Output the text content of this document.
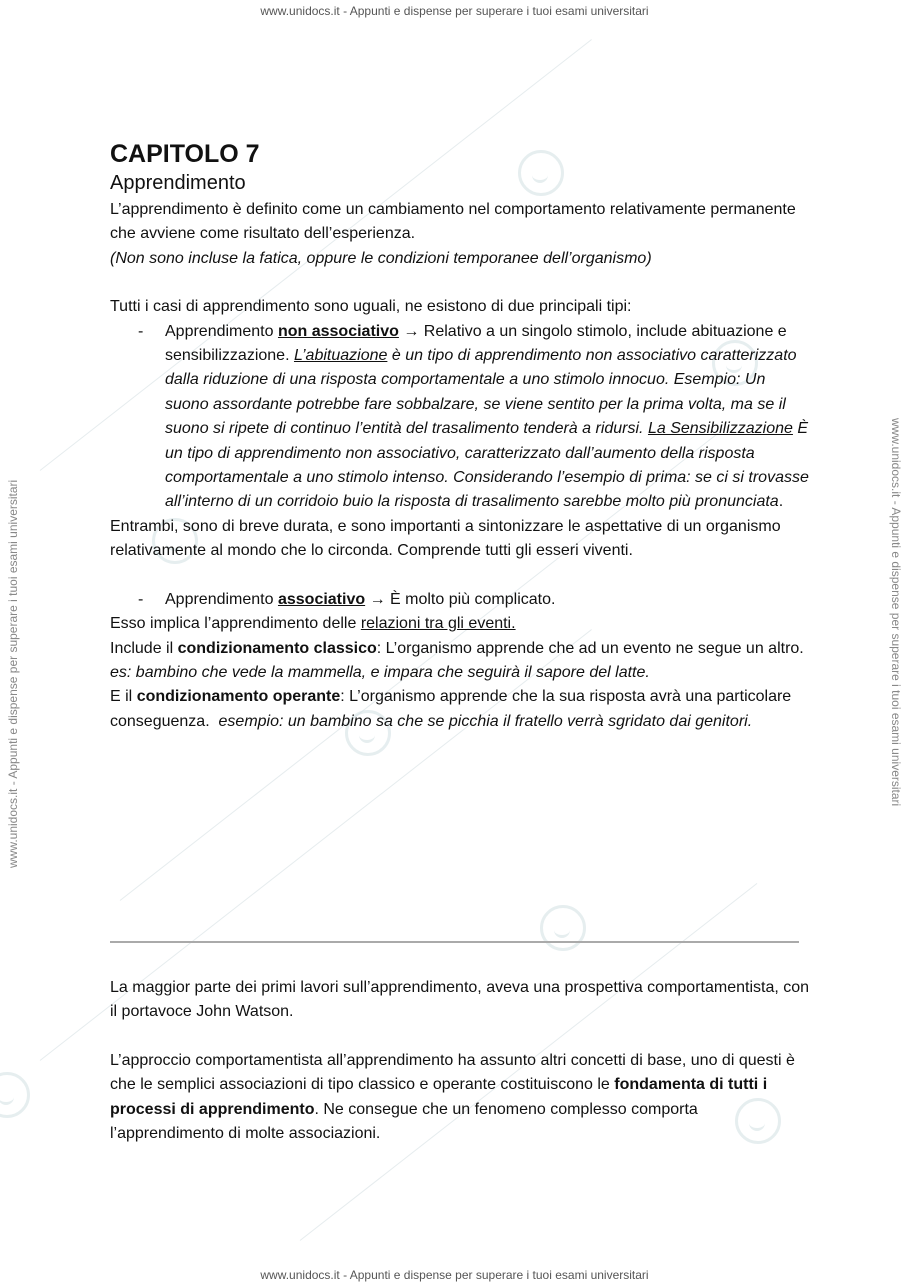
www.unidocs.it - Appunti e dispense per superare i tuoi esami universitari
www.unidocs.it - Appunti e dispense per superare i tuoi esami universitari
www.unidocs.it - Appunti e dispense per superare i tuoi esami universitari	www.unidocs.it - Appunti e dispense per superare i tuoi esami universitari
CAPITOLO 7
Apprendimento

L’apprendimento è definito come un cambiamento nel comportamento relativamente permanente che avviene come risultato dell’esperienza.
(Non sono incluse la fatica, oppure le condizioni temporanee dell’organismo)

Tutti i casi di apprendimento sono uguali, ne esistono di due principali tipi:

- Apprendimento non associativo → Relativo a un singolo stimolo, include abituazione e sensibilizzazione. L’abituazione è un tipo di apprendimento non associativo caratterizzato dalla riduzione di una risposta comportamentale a uno stimolo innocuo. Esempio: Un suono assordante potrebbe fare sobbalzare, se viene sentito per la prima volta, ma se il suono si ripete di continuo l’entità del trasalimento tenderà a ridursi. La Sensibilizzazione È un tipo di apprendimento non associativo, caratterizzato dall’aumento della risposta comportamentale a uno stimolo intenso. Considerando l’esempio di prima: se ci si trovasse all’interno di un corridoio buio la risposta di trasalimento sarebbe molto più pronunciata.

Entrambi, sono di breve durata, e sono importanti a sintonizzare le aspettative di un organismo relativamente al mondo che lo circonda. Comprende tutti gli esseri viventi.

- Apprendimento associativo → È molto più complicato.

Esso implica l’apprendimento delle relazioni tra gli eventi.

Include il condizionamento classico: L’organismo apprende che ad un evento ne segue un altro.  es: bambino che vede la mammella, e impara che seguirà il sapore del latte.

E il condizionamento operante: L’organismo apprende che la sua risposta avrà una particolare conseguenza. esempio: un bambino sa che se picchia il fratello verrà sgridato dai genitori.

La maggior parte dei primi lavori sull’apprendimento, aveva una prospettiva comportamentista, con il portavoce John Watson.

L’approccio comportamentista all’apprendimento ha assunto altri concetti di base, uno di questi è che le semplici associazioni di tipo classico e operante costituiscono le fondamenta di tutti i processi di apprendimento. Ne consegue che un fenomeno complesso comporta l’apprendimento di molte associazioni.
